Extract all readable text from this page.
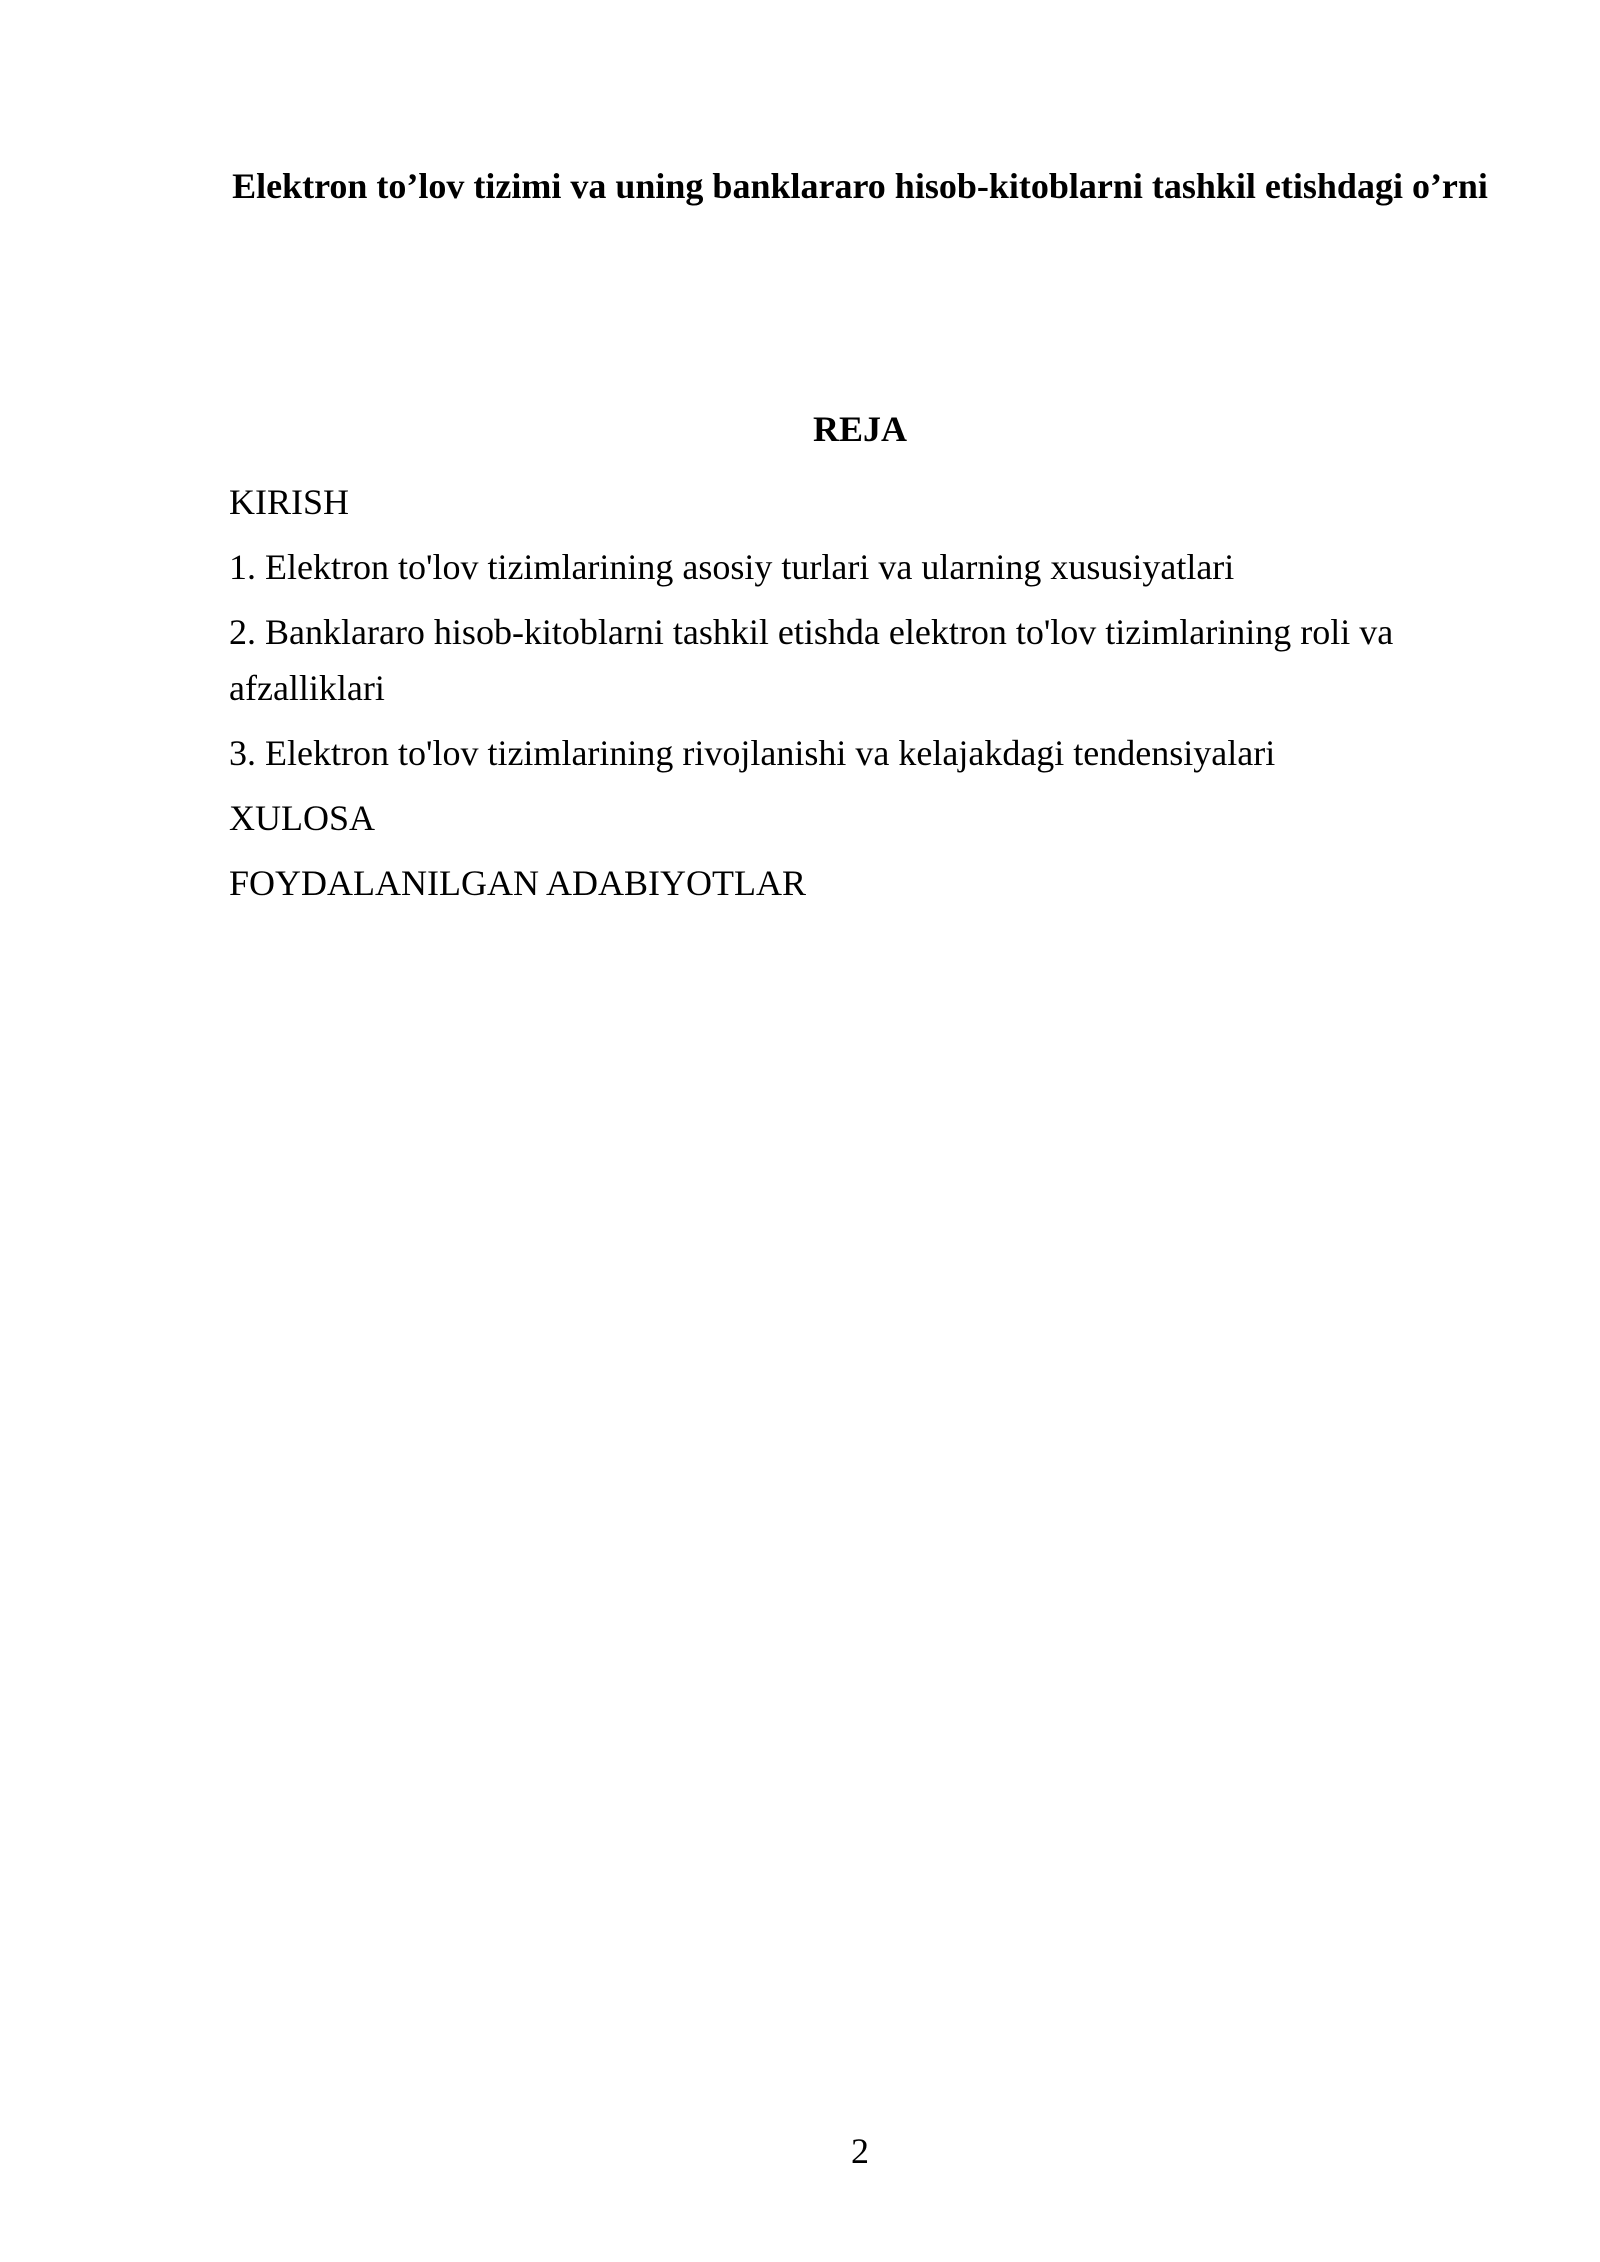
Elektron to’lov tizimi va uning banklararo hisob-kitoblarni tashkil etishdagi o’rni
REJA
KIRISH
1. Elektron to'lov tizimlarining asosiy turlari va ularning xususiyatlari
2. Banklararo hisob-kitoblarni tashkil etishda elektron to'lov tizimlarining roli va afzalliklari
3. Elektron to'lov tizimlarining rivojlanishi va kelajakdagi tendensiyalari
XULOSA
FOYDALANILGAN ADABIYOTLAR
2
